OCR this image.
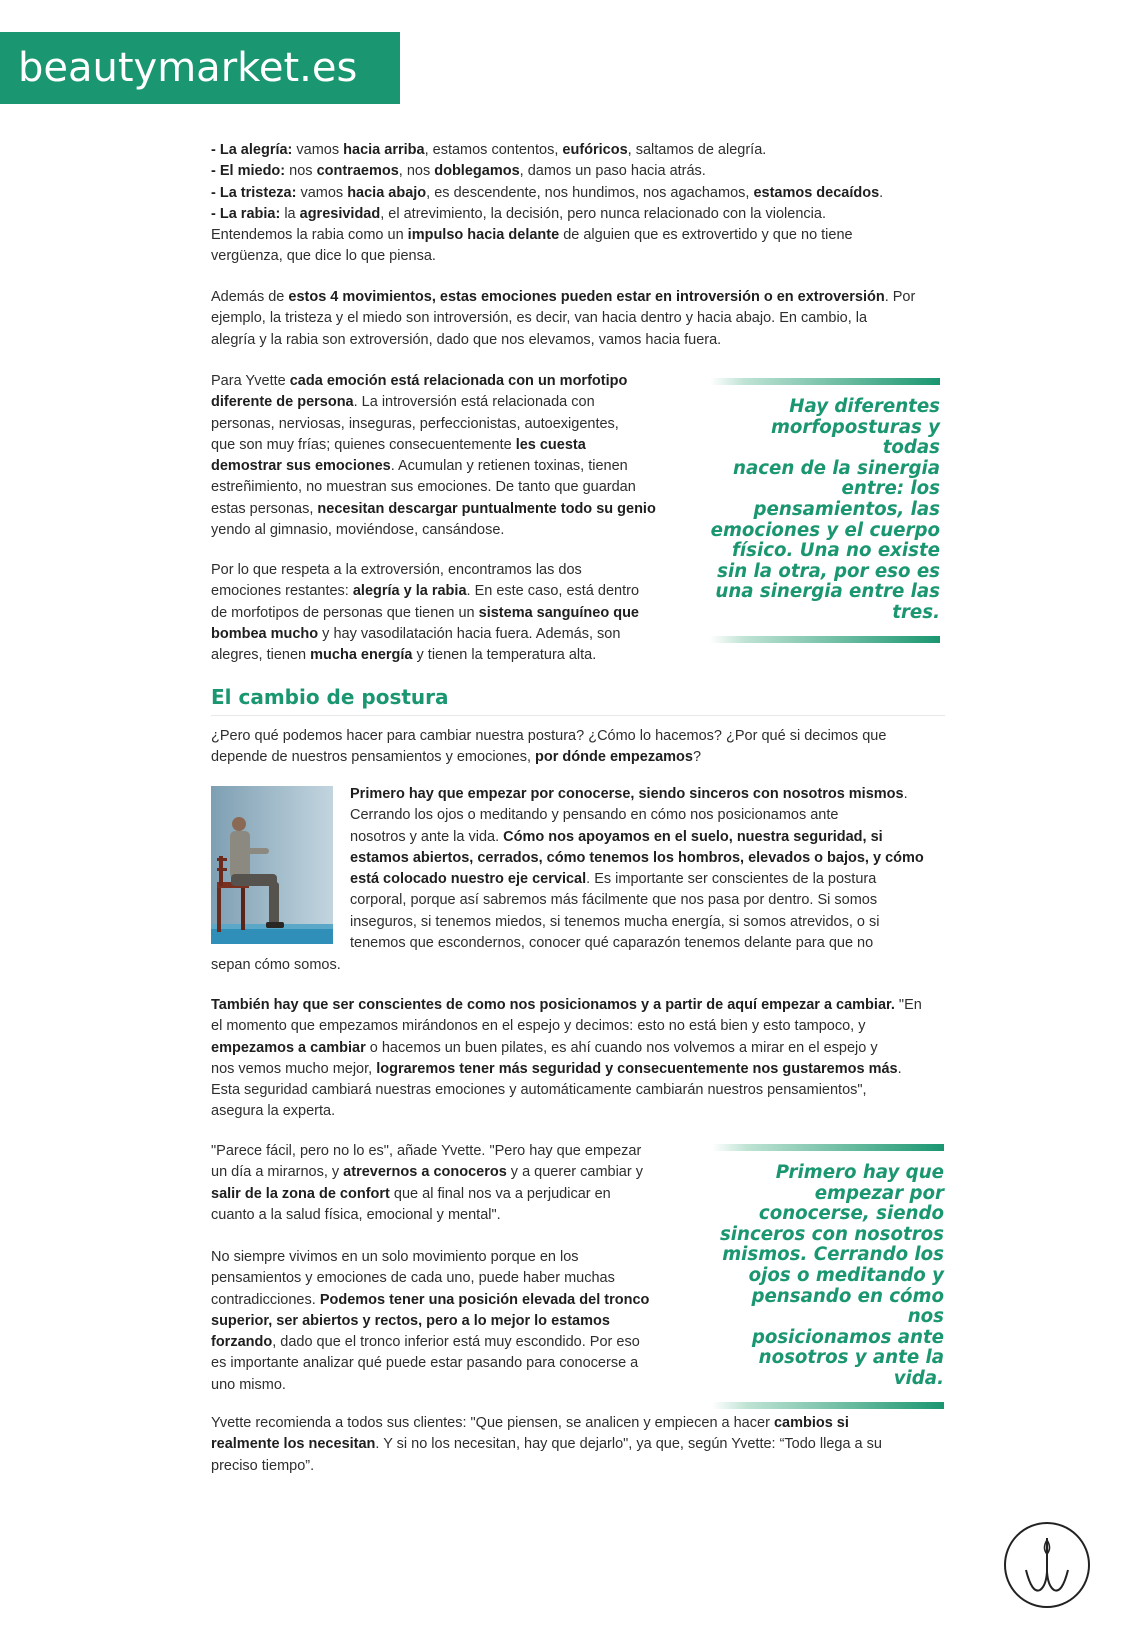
beautymarket.es

- La alegría: vamos hacia arriba, estamos contentos, eufóricos, saltamos de alegría.
- El miedo: nos contraemos, nos doblegamos, damos un paso hacia atrás.
- La tristeza: vamos hacia abajo, es descendente, nos hundimos, nos agachamos, estamos decaídos.
- La rabia: la agresividad, el atrevimiento, la decisión, pero nunca relacionado con la violencia.
Entendemos la rabia como un impulso hacia delante de alguien que es extrovertido y que no tiene
vergüenza, que dice lo que piensa.

Además de estos 4 movimientos, estas emociones pueden estar en introversión o en extroversión. Por
ejemplo, la tristeza y el miedo son introversión, es decir, van hacia dentro y hacia abajo. En cambio, la
alegría y la rabia son extroversión, dado que nos elevamos, vamos hacia fuera.

Para Yvette cada emoción está relacionada con un morfotipo
diferente de persona. La introversión está relacionada con
personas, nerviosas, inseguras, perfeccionistas, autoexigentes,
que son muy frías; quienes consecuentemente les cuesta
demostrar sus emociones. Acumulan y retienen toxinas, tienen
estreñimiento, no muestran sus emociones. De tanto que guardan
estas personas, necesitan descargar puntualmente todo su genio
yendo al gimnasio, moviéndose, cansándose.

Por lo que respeta a la extroversión, encontramos las dos
emociones restantes: alegría y la rabia. En este caso, está dentro
de morfotipos de personas que tienen un sistema sanguíneo que
bombea mucho y hay vasodilatación hacia fuera. Además, son
alegres, tienen mucha energía y tienen la temperatura alta.

Hay diferentes
morfoposturas y todas
nacen de la sinergia
entre: los
pensamientos, las
emociones y el cuerpo
físico. Una no existe
sin la otra, por eso es
una sinergia entre las
tres.
El cambio de postura

¿Pero qué podemos hacer para cambiar nuestra postura? ¿Cómo lo hacemos? ¿Por qué si decimos que
depende de nuestros pensamientos y emociones, por dónde empezamos?

Primero hay que empezar por conocerse, siendo sinceros con nosotros mismos.
Cerrando los ojos o meditando y pensando en cómo nos posicionamos ante
nosotros y ante la vida. Cómo nos apoyamos en el suelo, nuestra seguridad, si
estamos abiertos, cerrados, cómo tenemos los hombros, elevados o bajos, y cómo
está colocado nuestro eje cervical. Es importante ser conscientes de la postura
corporal, porque así sabremos más fácilmente que nos pasa por dentro. Si somos
inseguros, si tenemos miedos, si tenemos mucha energía, si somos atrevidos, o si
tenemos que escondernos, conocer qué caparazón tenemos delante para que no

sepan cómo somos.

También hay que ser conscientes de como nos posicionamos y a partir de aquí empezar a cambiar. "En
el momento que empezamos mirándonos en el espejo y decimos: esto no está bien y esto tampoco, y
empezamos a cambiar o hacemos un buen pilates, es ahí cuando nos volvemos a mirar en el espejo y
nos vemos mucho mejor, lograremos tener más seguridad y consecuentemente nos gustaremos más.
Esta seguridad cambiará nuestras emociones y automáticamente cambiarán nuestros pensamientos",
asegura la experta.

"Parece fácil, pero no lo es", añade Yvette. "Pero hay que empezar
un día a mirarnos, y atrevernos a conoceros y a querer cambiar y
salir de la zona de confort que al final nos va a perjudicar en
cuanto a la salud física, emocional y mental".

No siempre vivimos en un solo movimiento porque en los
pensamientos y emociones de cada uno, puede haber muchas
contradicciones. Podemos tener una posición elevada del tronco
superior, ser abiertos y rectos, pero a lo mejor lo estamos
forzando, dado que el tronco inferior está muy escondido. Por eso
es importante analizar qué puede estar pasando para conocerse a
uno mismo.

Primero hay que
empezar por
conocerse, siendo
sinceros con nosotros
mismos. Cerrando los
ojos o meditando y
pensando en cómo nos
posicionamos ante
nosotros y ante la vida.

Yvette recomienda a todos sus clientes: "Que piensen, se analicen y empiecen a hacer cambios si
realmente los necesitan. Y si no los necesitan, hay que dejarlo", ya que, según Yvette: “Todo llega a su
preciso tiempo”.
